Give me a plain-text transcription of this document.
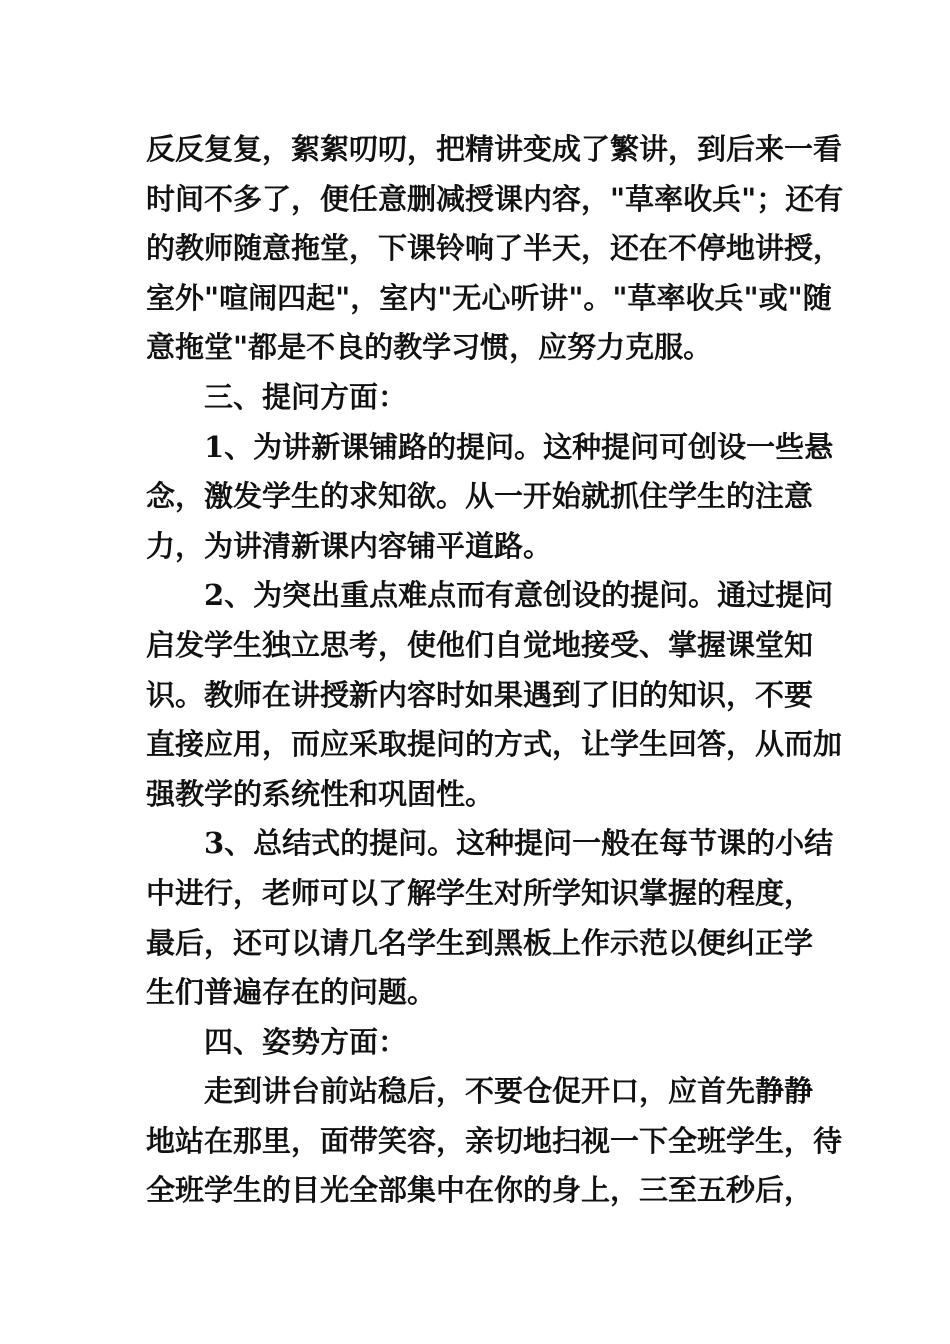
反反复复，絮絮叨叨，把精讲变成了繁讲，到后来一看
时间不多了，便任意删减授课内容，"草率收兵"；还有
的教师随意拖堂，下课铃响了半天，还在不停地讲授，
室外"喧闹四起"，室内"无心听讲"。"草率收兵"或"随
意拖堂"都是不良的教学习惯，应努力克服。
三、提问方面：
1、为讲新课铺路的提问。这种提问可创设一些悬
念，激发学生的求知欲。从一开始就抓住学生的注意
力，为讲清新课内容铺平道路。
2、为突出重点难点而有意创设的提问。通过提问
启发学生独立思考，使他们自觉地接受、掌握课堂知
识。教师在讲授新内容时如果遇到了旧的知识，不要
直接应用，而应采取提问的方式，让学生回答，从而加
强教学的系统性和巩固性。
3、总结式的提问。这种提问一般在每节课的小结
中进行，老师可以了解学生对所学知识掌握的程度，
最后，还可以请几名学生到黑板上作示范以便纠正学
生们普遍存在的问题。
四、姿势方面：
走到讲台前站稳后，不要仓促开口，应首先静静
地站在那里，面带笑容，亲切地扫视一下全班学生，待
全班学生的目光全部集中在你的身上，三至五秒后，
